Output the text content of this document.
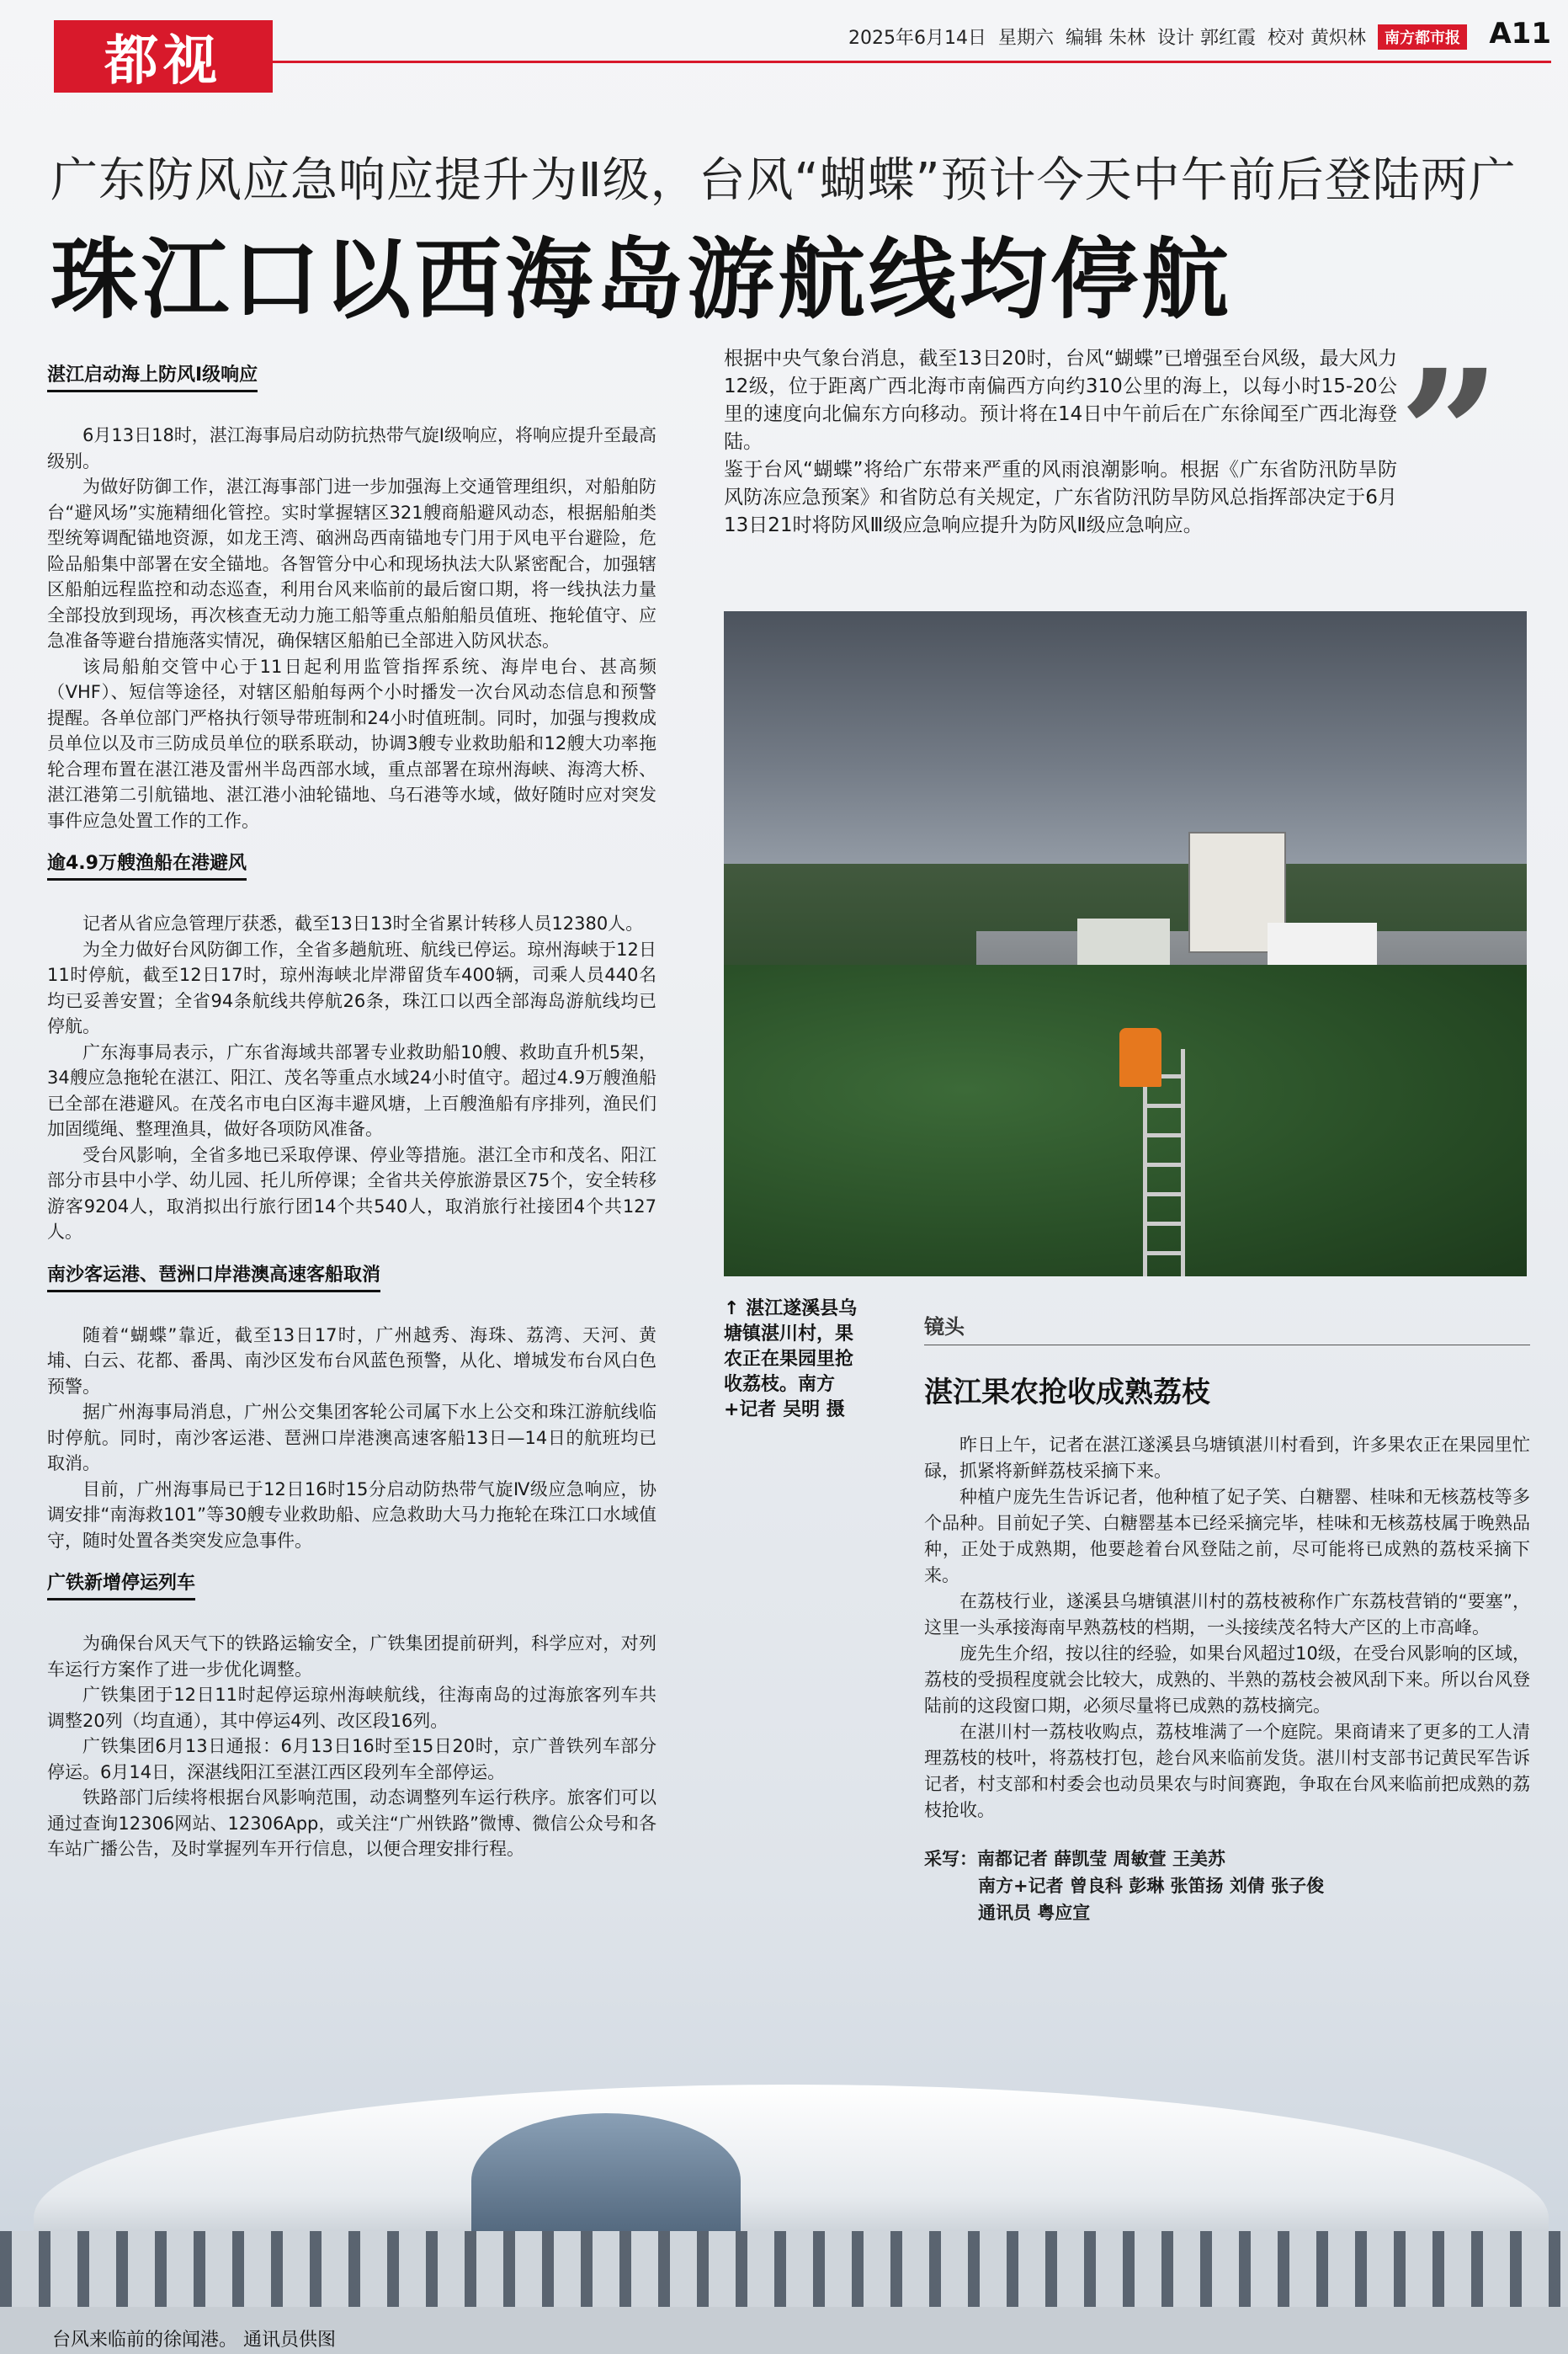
都视	2025年6月14日 星期六 编辑 朱林 设计 郭红霞 校对 黄炽林	南方都市报 A11
广东防风应急响应提升为Ⅱ级，台风“蝴蝶”预计今天中午前后登陆两广
珠江口以西海岛游航线均停航
湛江启动海上防风I级响应

6月13日18时，湛江海事局启动防抗热带气旋I级响应，将响应提升至最高级别。

为做好防御工作，湛江海事部门进一步加强海上交通管理组织，对船舶防台“避风场”实施精细化管控。实时掌握辖区321艘商船避风动态，根据船舶类型统筹调配锚地资源，如龙王湾、硇洲岛西南锚地专门用于风电平台避险，危险品船集中部署在安全锚地。各智管分中心和现场执法大队紧密配合，加强辖区船舶远程监控和动态巡查，利用台风来临前的最后窗口期，将一线执法力量全部投放到现场，再次核查无动力施工船等重点船舶船员值班、拖轮值守、应急准备等避台措施落实情况，确保辖区船舶已全部进入防风状态。

该局船舶交管中心于11日起利用监管指挥系统、海岸电台、甚高频（VHF）、短信等途径，对辖区船舶每两个小时播发一次台风动态信息和预警提醒。各单位部门严格执行领导带班制和24小时值班制。同时，加强与搜救成员单位以及市三防成员单位的联系联动，协调3艘专业救助船和12艘大功率拖轮合理布置在湛江港及雷州半岛西部水域，重点部署在琼州海峡、海湾大桥、湛江港第二引航锚地、湛江港小油轮锚地、乌石港等水域，做好随时应对突发事件应急处置工作的工作。

逾4.9万艘渔船在港避风

记者从省应急管理厅获悉，截至13日13时全省累计转移人员12380人。

为全力做好台风防御工作，全省多趟航班、航线已停运。琼州海峡于12日11时停航，截至12日17时，琼州海峡北岸滞留货车400辆，司乘人员440名均已妥善安置；全省94条航线共停航26条，珠江口以西全部海岛游航线均已停航。

广东海事局表示，广东省海域共部署专业救助船10艘、救助直升机5架，34艘应急拖轮在湛江、阳江、茂名等重点水域24小时值守。超过4.9万艘渔船已全部在港避风。在茂名市电白区海丰避风塘，上百艘渔船有序排列，渔民们加固缆绳、整理渔具，做好各项防风准备。

受台风影响，全省多地已采取停课、停业等措施。湛江全市和茂名、阳江部分市县中小学、幼儿园、托儿所停课；全省共关停旅游景区75个，安全转移游客9204人，取消拟出行旅行团14个共540人，取消旅行社接团4个共127人。

南沙客运港、琶洲口岸港澳高速客船取消

随着“蝴蝶”靠近，截至13日17时，广州越秀、海珠、荔湾、天河、黄埔、白云、花都、番禺、南沙区发布台风蓝色预警，从化、增城发布台风白色预警。

据广州海事局消息，广州公交集团客轮公司属下水上公交和珠江游航线临时停航。同时，南沙客运港、琶洲口岸港澳高速客船13日—14日的航班均已取消。

目前，广州海事局已于12日16时15分启动防热带气旋Ⅳ级应急响应，协调安排“南海救101”等30艘专业救助船、应急救助大马力拖轮在珠江口水域值守，随时处置各类突发应急事件。

广铁新增停运列车

为确保台风天气下的铁路运输安全，广铁集团提前研判，科学应对，对列车运行方案作了进一步优化调整。

广铁集团于12日11时起停运琼州海峡航线，往海南岛的过海旅客列车共调整20列（均直通），其中停运4列、改区段16列。

广铁集团6月13日通报：6月13日16时至15日20时，京广普铁列车部分停运。6月14日，深湛线阳江至湛江西区段列车全部停运。

铁路部门后续将根据台风影响范围，动态调整列车运行秩序。旅客们可以通过查询12306网站、12306App，或关注“广州铁路”微博、微信公众号和各车站广播公告，及时掌握列车开行信息，以便合理安排行程。

根据中央气象台消息，截至13日20时，台风“蝴蝶”已增强至台风级，最大风力12级，位于距离广西北海市南偏西方向约310公里的海上，以每小时15-20公里的速度向北偏东方向移动。预计将在14日中午前后在广东徐闻至广西北海登陆。

鉴于台风“蝴蝶”将给广东带来严重的风雨浪潮影响。根据《广东省防汛防旱防风防冻应急预案》和省防总有关规定，广东省防汛防旱防风总指挥部决定于6月13日21时将防风Ⅲ级应急响应提升为防风Ⅱ级应急响应。	”
↑ 湛江遂溪县乌塘镇湛川村，果农正在果园里抢收荔枝。南方+记者 吴明 摄
镜头
湛江果农抢收成熟荔枝

昨日上午，记者在湛江遂溪县乌塘镇湛川村看到，许多果农正在果园里忙碌，抓紧将新鲜荔枝采摘下来。

种植户庞先生告诉记者，他种植了妃子笑、白糖罂、桂味和无核荔枝等多个品种。目前妃子笑、白糖罂基本已经采摘完毕，桂味和无核荔枝属于晚熟品种，正处于成熟期，他要趁着台风登陆之前，尽可能将已成熟的荔枝采摘下来。

在荔枝行业，遂溪县乌塘镇湛川村的荔枝被称作广东荔枝营销的“要塞”，这里一头承接海南早熟荔枝的档期，一头接续茂名特大产区的上市高峰。

庞先生介绍，按以往的经验，如果台风超过10级，在受台风影响的区域，荔枝的受损程度就会比较大，成熟的、半熟的荔枝会被风刮下来。所以台风登陆前的这段窗口期，必须尽量将已成熟的荔枝摘完。

在湛川村一荔枝收购点，荔枝堆满了一个庭院。果商请来了更多的工人清理荔枝的枝叶，将荔枝打包，趁台风来临前发货。湛川村支部书记黄民军告诉记者，村支部和村委会也动员果农与时间赛跑，争取在台风来临前把成熟的荔枝抢收。

采写：南都记者 薛凯莹 周敏萱 王美苏
南方+记者 曾良科 彭琳 张笛扬 刘倩 张子俊
通讯员 粤应宣
台风来临前的徐闻港。 通讯员供图
